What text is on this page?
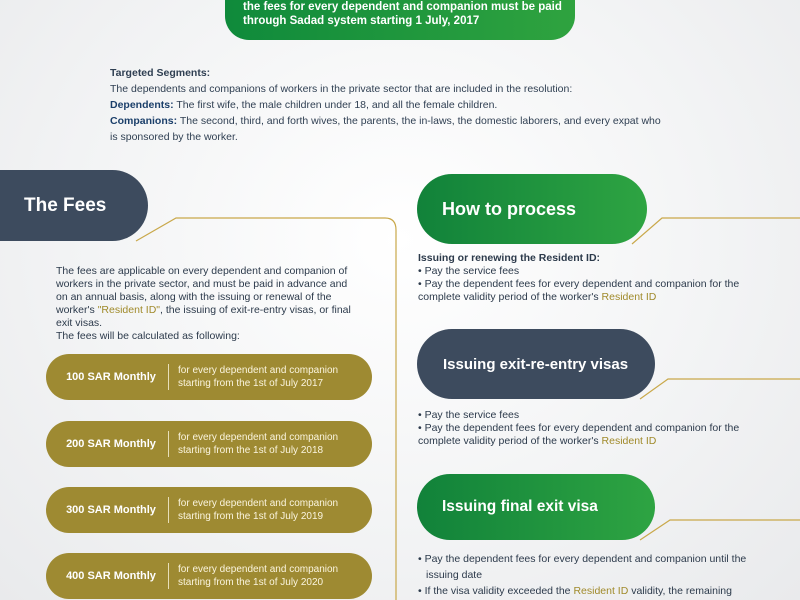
the fees for every dependent and companion must be paid
through Sadad system starting 1 July, 2017
Targeted Segments:
The dependents and companions of workers in the private sector that are included in the resolution:
Dependents: The first wife, the male children under 18, and all the female children.
Companions: The second, third, and forth wives, the parents, the in-laws, the domestic laborers, and every expat who
is sponsored by the worker.
The Fees
The fees are applicable on every dependent and companion of
workers in the private sector, and must be paid in advance and
on an annual basis, along with the issuing or renewal of the
worker's "Resident ID", the issuing of exit-re-entry visas, or final
exit visas.
The fees will be calculated as following:
100 SAR Monthly
for every dependent and companion
starting from the 1st of July 2017
200 SAR Monthly
for every dependent and companion
starting from the 1st of July 2018
300 SAR Monthly
for every dependent and companion
starting from the 1st of July 2019
400 SAR Monthly
for every dependent and companion
starting from the 1st of July 2020
How to process
Issuing or renewing the Resident ID:
• Pay the service fees
• Pay the dependent fees for every dependent and companion for the
complete validity period of the worker's Resident ID
Issuing exit-re-entry visas
• Pay the service fees
• Pay the dependent fees for every dependent and companion for the
complete validity period of the worker's Resident ID
Issuing final exit visa
• Pay the dependent fees for every dependent and companion until the
issuing date
• If the visa validity exceeded the Resident ID validity, the remaining
